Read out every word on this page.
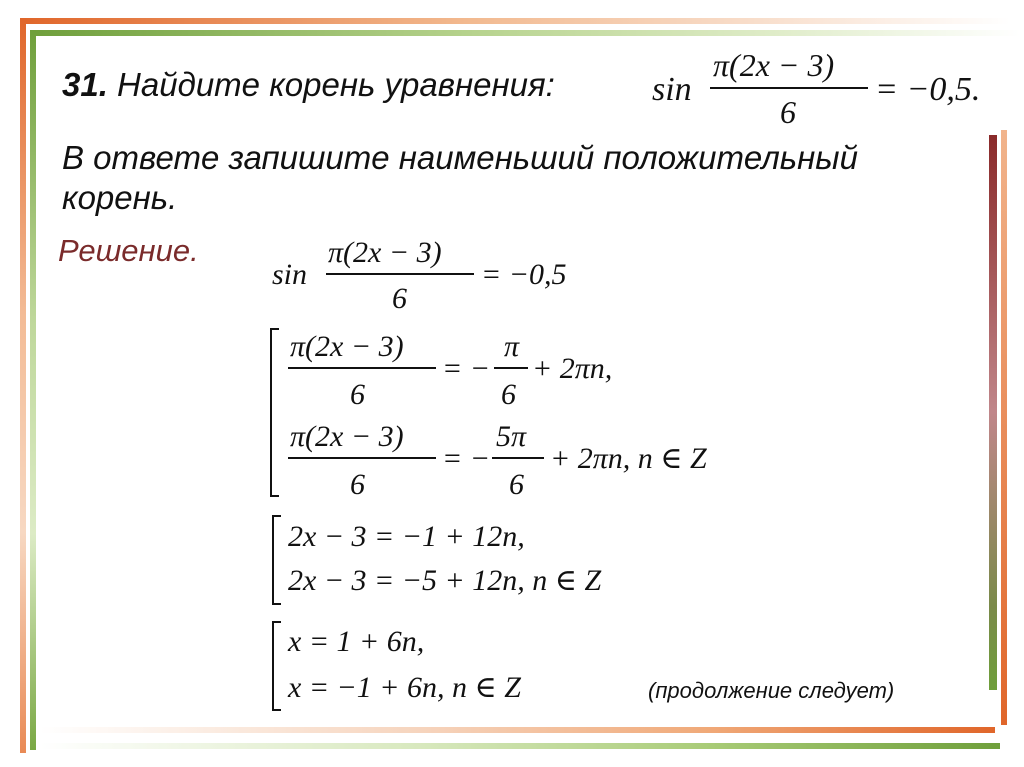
31. Найдите корень уравнения:
В ответе запишите наименьший положительный корень.
Решение.
(продолжение следует)
sin
π(2x − 3)
6
= −0,5.
sin
π(2x − 3)
6
= −0,5
π(2x − 3)
6
= −
π
6
+ 2πn,
π(2x − 3)
6
= −
5π
6
+ 2πn, n ∈ Z
2x − 3 = −1 + 12n,
2x − 3 = −5 + 12n, n ∈ Z
x = 1 + 6n,
x = −1 + 6n, n ∈ Z
